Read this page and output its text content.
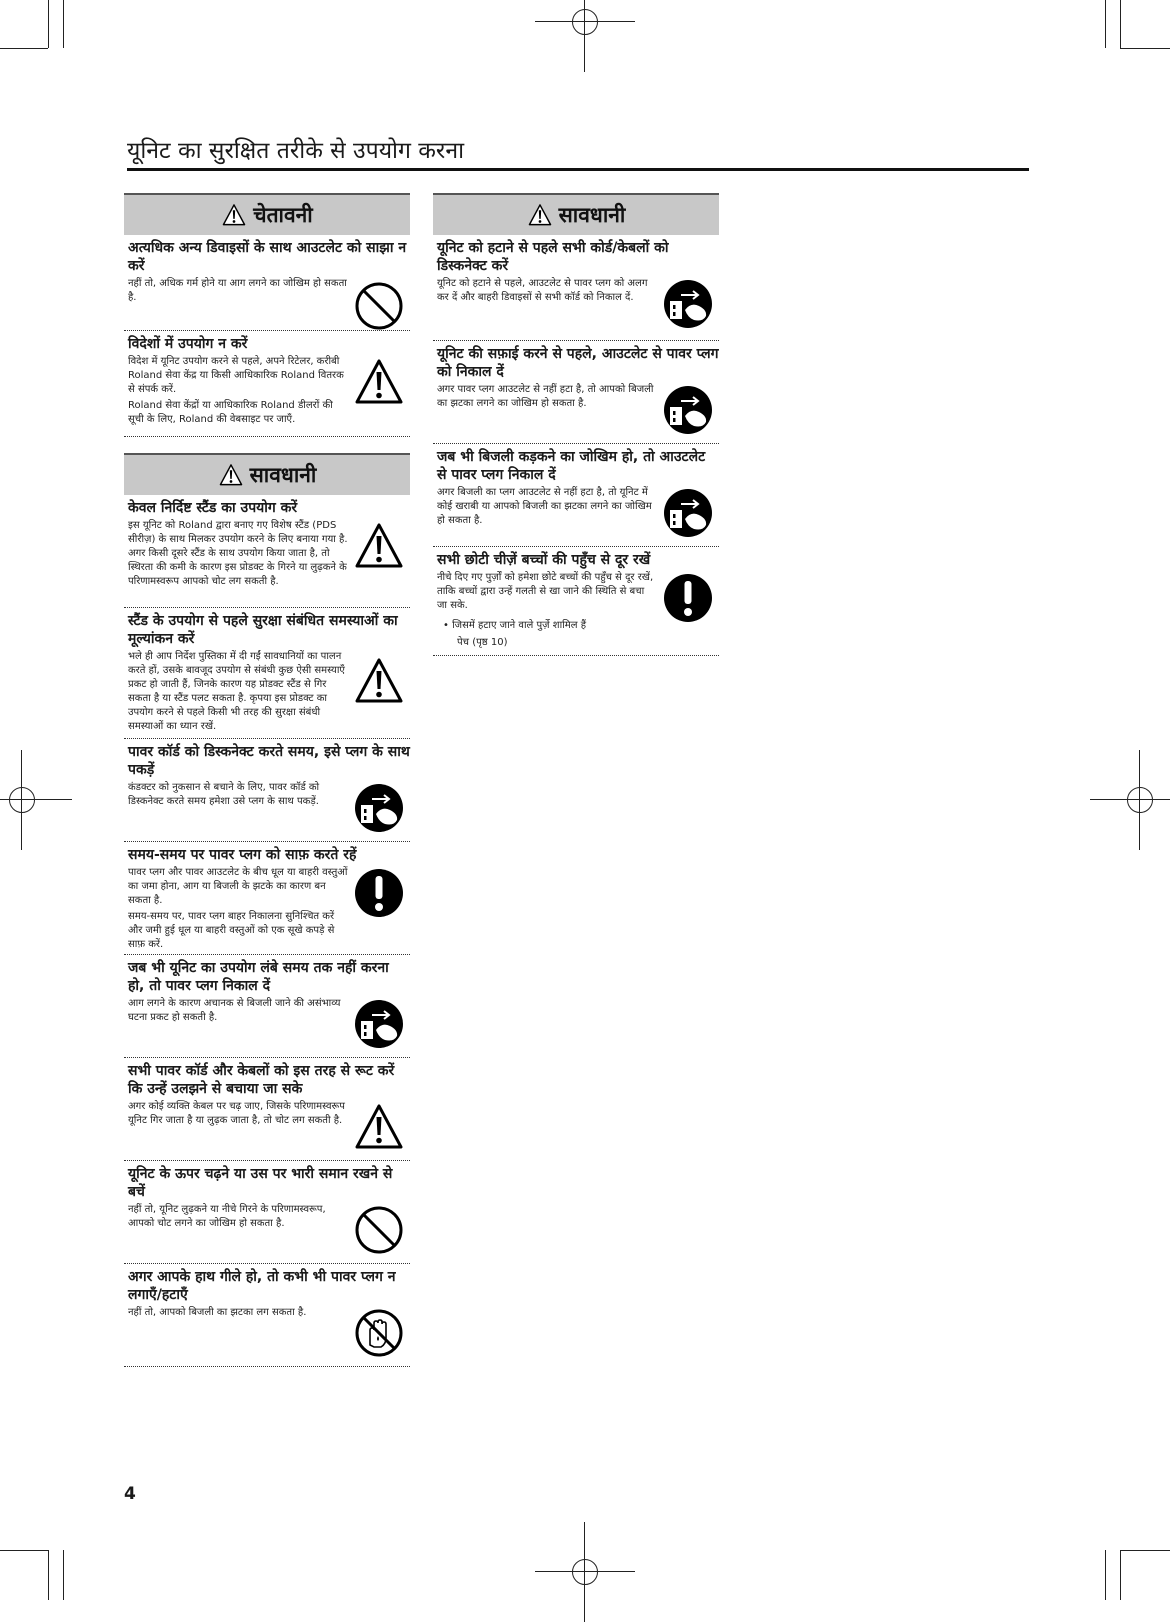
यूनिट का सुरक्षित तरीके से उपयोग करना
चेतावनी

अत्यधिक अन्य डिवाइसों के साथ आउटलेट को साझा न करें

नहीं तो, अधिक गर्म होने या आग लगने का जोखिम हो सकता है.

विदेशों में उपयोग न करें

विदेश में यूनिट उपयोग करने से पहले, अपने रिटेलर, करीबी Roland सेवा केंद्र या किसी आधिकारिक Roland वितरक से संपर्क करें.

Roland सेवा केंद्रों या आधिकारिक Roland डीलरों की सूची के लिए, Roland की वेबसाइट पर जाएँ.

सावधानी

केवल निर्दिष्ट स्टैंड का उपयोग करें

इस यूनिट को Roland द्वारा बनाए गए विशेष स्टैंड (PDS सीरीज़) के साथ मिलकर उपयोग करने के लिए बनाया गया है. अगर किसी दूसरे स्टैंड के साथ उपयोग किया जाता है, तो स्थिरता की कमी के कारण इस प्रोडक्ट के गिरने या लुढ़कने के परिणामस्वरूप आपको चोट लग सकती है.

स्टैंड के उपयोग से पहले सुरक्षा संबंधित समस्याओं का मूल्यांकन करें

भले ही आप निर्देश पुस्तिका में दी गईं सावधानियों का पालन करते हों, उसके बावजूद उपयोग से संबंधी कुछ ऐसी समस्याएँ प्रकट हो जाती हैं, जिनके कारण यह प्रोडक्ट स्टैंड से गिर सकता है या स्टैंड पलट सकता है. कृपया इस प्रोडक्ट का उपयोग करने से पहले किसी भी तरह की सुरक्षा संबंधी समस्याओं का ध्यान रखें.

पावर कॉर्ड को डिस्कनेक्ट करते समय, इसे प्लग के साथ पकड़ें

कंडक्टर को नुकसान से बचाने के लिए, पावर कॉर्ड को डिस्कनेक्ट करते समय हमेशा उसे प्लग के साथ पकड़ें.

समय-समय पर पावर प्लग को साफ़ करते रहें

पावर प्लग और पावर आउटलेट के बीच धूल या बाहरी वस्तुओं का जमा होना, आग या बिजली के झटके का कारण बन सकता है.

समय-समय पर, पावर प्लग बाहर निकालना सुनिश्चित करें और जमी हुई धूल या बाहरी वस्तुओं को एक सूखे कपड़े से साफ़ करें.

जब भी यूनिट का उपयोग लंबे समय तक नहीं करना हो, तो पावर प्लग निकाल दें

आग लगने के कारण अचानक से बिजली जाने की असंभाव्य घटना प्रकट हो सकती है.

सभी पावर कॉर्ड और केबलों को इस तरह से रूट करें कि उन्हें उलझने से बचाया जा सके

अगर कोई व्यक्ति केबल पर चढ़ जाए, जिसके परिणामस्वरूप यूनिट गिर जाता है या लुढ़क जाता है, तो चोट लग सकती है.

यूनिट के ऊपर चढ़ने या उस पर भारी समान रखने से बचें

नहीं तो, यूनिट लुढ़कने या नीचे गिरने के परिणामस्वरूप, आपको चोट लगने का जोखिम हो सकता है.

अगर आपके हाथ गीले हो, तो कभी भी पावर प्लग न लगाएँ/हटाएँ

नहीं तो, आपको बिजली का झटका लग सकता है.

सावधानी

यूनिट को हटाने से पहले सभी कोर्ड/केबलों को डिस्कनेक्ट करें

यूनिट को हटाने से पहले, आउटलेट से पावर प्लग को अलग कर दें और बाहरी डिवाइसों से सभी कॉर्ड को निकाल दें.

यूनिट की सफ़ाई करने से पहले, आउटलेट से पावर प्लग को निकाल दें

अगर पावर प्लग आउटलेट से नहीं हटा है, तो आपको बिजली का झटका लगने का जोखिम हो सकता है.

जब भी बिजली कड़कने का जोखिम हो, तो आउटलेट से पावर प्लग निकाल दें

अगर बिजली का प्लग आउटलेट से नहीं हटा है, तो यूनिट में कोई खराबी या आपको बिजली का झटका लगने का जोखिम हो सकता है.

सभी छोटी चीज़ें बच्चों की पहुँच से दूर रखें

नीचे दिए गए पुर्ज़ों को हमेशा छोटे बच्चों की पहुँच से दूर रखें, ताकि बच्चों द्वारा उन्हें गलती से खा जाने की स्थिति से बचा जा सके.

• जिसमें हटाए जाने वाले पुर्ज़े शामिल हैं
पेच (पृष्ठ 10)
4
